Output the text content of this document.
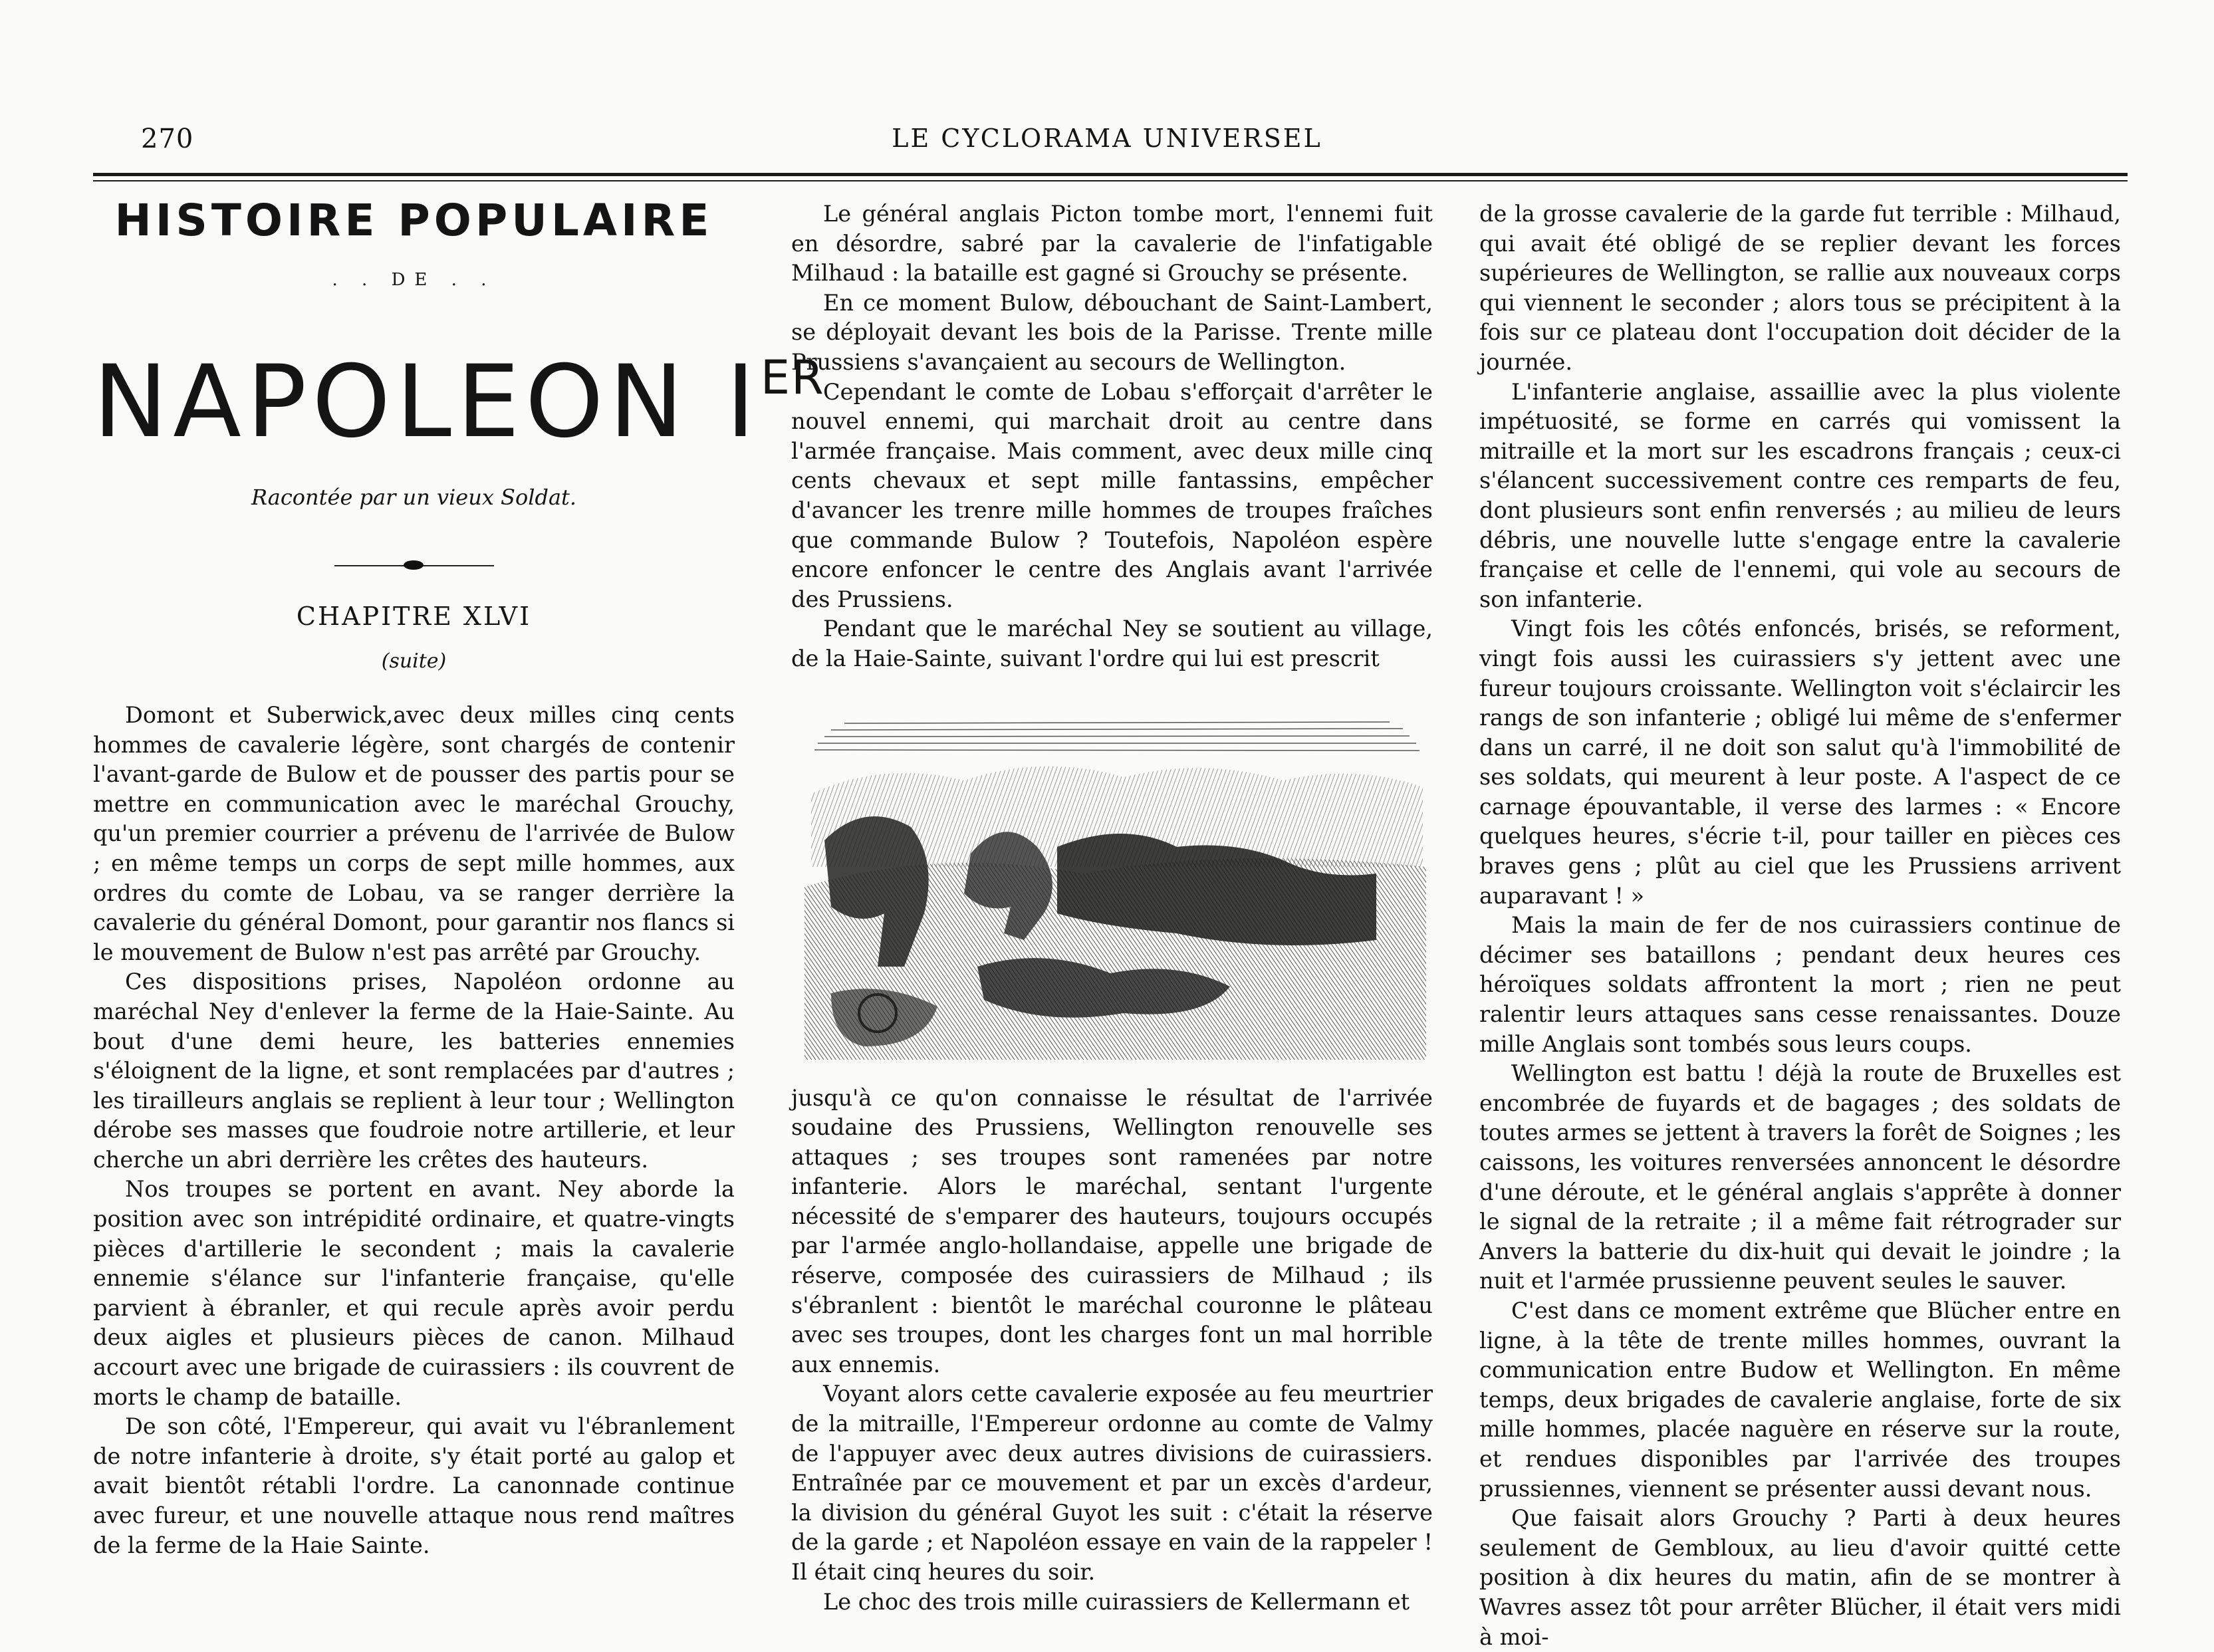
270	LE CYCLORAMA UNIVERSEL
HISTOIRE POPULAIRE
. . DE . .
NAPOLEON IER
Racontée par un vieux Soldat.
CHAPITRE XLVI
(suite)

Domont et Suberwick,avec deux milles cinq cents hommes de cavalerie légère, sont chargés de contenir l'avant-garde de Bulow et de pousser des partis pour se mettre en communication avec le maréchal Grouchy, qu'un premier courrier a prévenu de l'arrivée de Bulow ; en même temps un corps de sept mille hommes, aux ordres du comte de Lobau, va se ranger derrière la cavalerie du général Domont, pour garantir nos flancs si le mouvement de Bulow n'est pas arrêté par Grouchy.

Ces dispositions prises, Napoléon ordonne au maréchal Ney d'enlever la ferme de la Haie-Sainte. Au bout d'une demi heure, les batteries ennemies s'éloignent de la ligne, et sont remplacées par d'autres ; les tirailleurs anglais se replient à leur tour ; Wellington dérobe ses masses que foudroie notre artillerie, et leur cherche un abri derrière les crêtes des hauteurs.

Nos troupes se portent en avant. Ney aborde la position avec son intrépidité ordinaire, et quatre-vingts pièces d'artillerie le secondent ; mais la cavalerie ennemie s'élance sur l'infanterie française, qu'elle parvient à ébranler, et qui recule après avoir perdu deux aigles et plusieurs pièces de canon. Milhaud accourt avec une brigade de cuirassiers : ils couvrent de morts le champ de bataille.

De son côté, l'Empereur, qui avait vu l'ébranlement de notre infanterie à droite, s'y était porté au galop et avait bientôt rétabli l'ordre. La canonnade continue avec fureur, et une nouvelle attaque nous rend maîtres de la ferme de la Haie Sainte.

Le général anglais Picton tombe mort, l'ennemi fuit en désordre, sabré par la cavalerie de l'infatigable Milhaud : la bataille est gagné si Grouchy se présente.

En ce moment Bulow, débouchant de Saint-Lambert, se déployait devant les bois de la Parisse. Trente mille Prussiens s'avançaient au secours de Wellington.

Cependant le comte de Lobau s'efforçait d'arrêter le nouvel ennemi, qui marchait droit au centre dans l'armée française. Mais comment, avec deux mille cinq cents chevaux et sept mille fantassins, empêcher d'avancer les trenre mille hommes de troupes fraîches que commande Bulow ? Toutefois, Napoléon espère encore enfoncer le centre des Anglais avant l'arrivée des Prussiens.

Pendant que le maréchal Ney se soutient au village, de la Haie-Sainte, suivant l'ordre qui lui est prescrit

jusqu'à ce qu'on connaisse le résultat de l'arrivée soudaine des Prussiens, Wellington renouvelle ses attaques ; ses troupes sont ramenées par notre infanterie. Alors le maréchal, sentant l'urgente nécessité de s'emparer des hauteurs, toujours occupés par l'armée anglo-hollandaise, appelle une brigade de réserve, composée des cuirassiers de Milhaud ; ils s'ébranlent : bientôt le maréchal couronne le plâteau avec ses troupes, dont les charges font un mal horrible aux ennemis.

Voyant alors cette cavalerie exposée au feu meurtrier de la mitraille, l'Empereur ordonne au comte de Valmy de l'appuyer avec deux autres divisions de cuirassiers. Entraînée par ce mouvement et par un excès d'ardeur, la division du général Guyot les suit : c'était la réserve de la garde ; et Napoléon essaye en vain de la rappeler ! Il était cinq heures du soir.

Le choc des trois mille cuirassiers de Kellermann et

de la grosse cavalerie de la garde fut terrible : Milhaud, qui avait été obligé de se replier devant les forces supérieures de Wellington, se rallie aux nouveaux corps qui viennent le seconder ; alors tous se précipitent à la fois sur ce plateau dont l'occupation doit décider de la journée.

L'infanterie anglaise, assaillie avec la plus violente impétuosité, se forme en carrés qui vomissent la mitraille et la mort sur les escadrons français ; ceux-ci s'élancent successivement contre ces remparts de feu, dont plusieurs sont enfin renversés ; au milieu de leurs débris, une nouvelle lutte s'engage entre la cavalerie française et celle de l'ennemi, qui vole au secours de son infanterie.

Vingt fois les côtés enfoncés, brisés, se reforment, vingt fois aussi les cuirassiers s'y jettent avec une fureur toujours croissante. Wellington voit s'éclaircir les rangs de son infanterie ; obligé lui même de s'enfermer dans un carré, il ne doit son salut qu'à l'immobilité de ses soldats, qui meurent à leur poste. A l'aspect de ce carnage épouvantable, il verse des larmes : « Encore quelques heures, s'écrie t-il, pour tailler en pièces ces braves gens ; plût au ciel que les Prussiens arrivent auparavant ! »

Mais la main de fer de nos cuirassiers continue de décimer ses bataillons ; pendant deux heures ces héroïques soldats affrontent la mort ; rien ne peut ralentir leurs attaques sans cesse renaissantes. Douze mille Anglais sont tombés sous leurs coups.

Wellington est battu ! déjà la route de Bruxelles est encombrée de fuyards et de bagages ; des soldats de toutes armes se jettent à travers la forêt de Soignes ; les caissons, les voitures renversées annoncent le désordre d'une déroute, et le général anglais s'apprête à donner le signal de la retraite ; il a même fait rétrograder sur Anvers la batterie du dix-huit qui devait le joindre ; la nuit et l'armée prussienne peuvent seules le sauver.

C'est dans ce moment extrême que Blücher entre en ligne, à la tête de trente milles hommes, ouvrant la communication entre Budow et Wellington. En même temps, deux brigades de cavalerie anglaise, forte de six mille hommes, placée naguère en réserve sur la route, et rendues disponibles par l'arrivée des troupes prussiennes, viennent se présenter aussi devant nous.

Que faisait alors Grouchy ? Parti à deux heures seulement de Gembloux, au lieu d'avoir quitté cette position à dix heures du matin, afin de se montrer à Wavres assez tôt pour arrêter Blücher, il était vers midi à moi-
